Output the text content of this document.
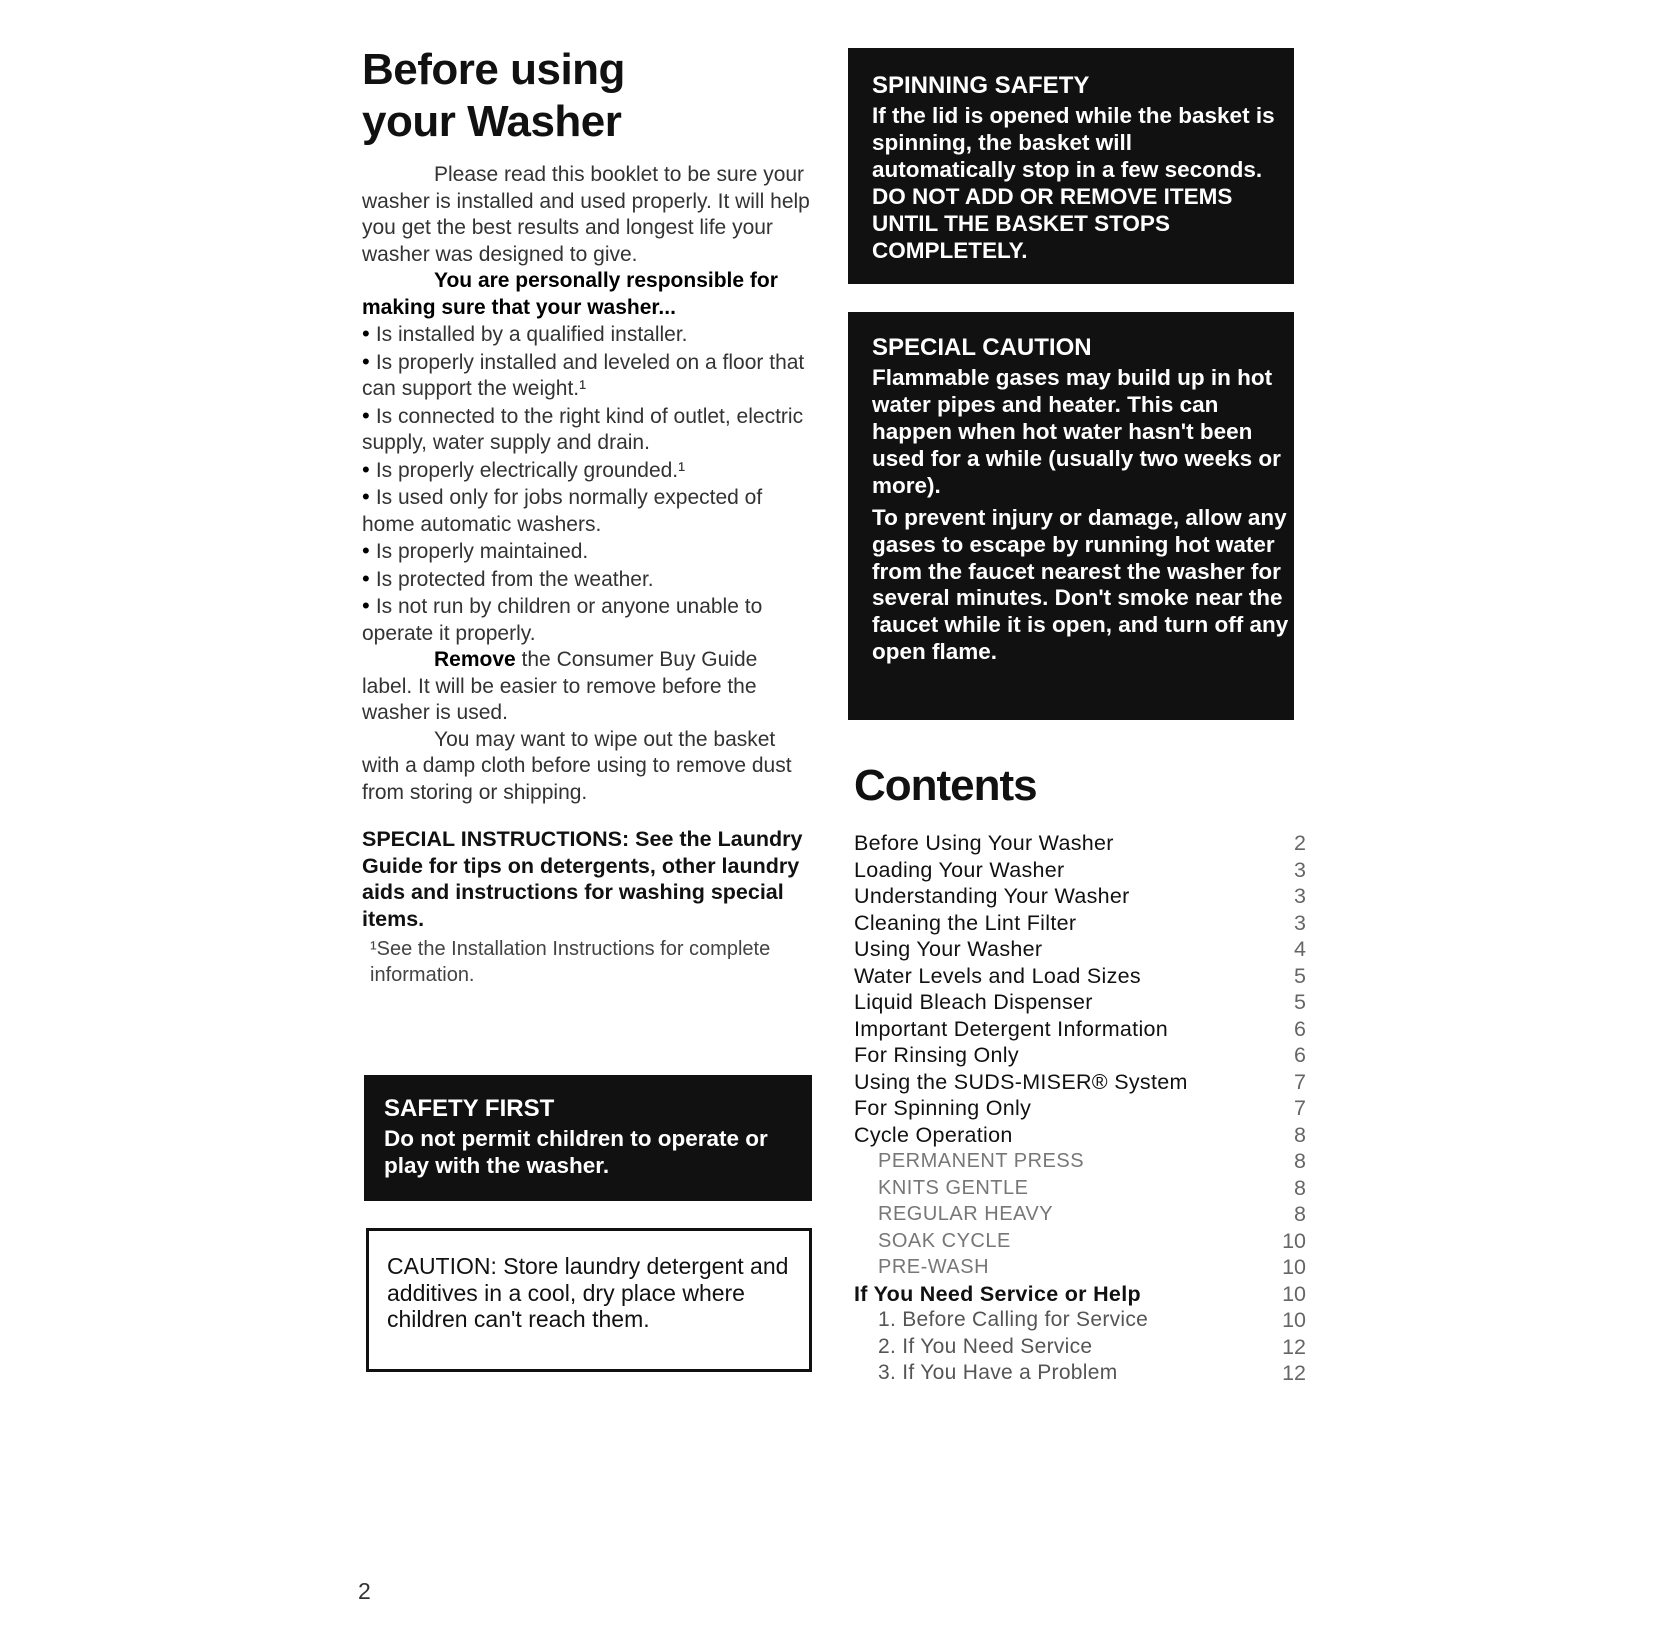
Before using
your Washer

Please read this booklet to be sure your washer is installed and used properly. It will help you get the best results and longest life your washer was designed to give.

You are personally responsible for making sure that your washer...

• Is installed by a qualified installer.
• Is properly installed and leveled on a floor that can support the weight.¹
• Is connected to the right kind of outlet, electric supply, water supply and drain.
• Is properly electrically grounded.¹
• Is used only for jobs normally expected of home automatic washers.
• Is properly maintained.
• Is protected from the weather.
• Is not run by children or anyone unable to operate it properly.

Remove the Consumer Buy Guide label. It will be easier to remove before the washer is used.

You may want to wipe out the basket with a damp cloth before using to remove dust from storing or shipping.

SPECIAL INSTRUCTIONS: See the Laundry Guide for tips on detergents, other laundry aids and instructions for washing special items.

¹See the Installation Instructions for complete information.

SAFETY FIRST
Do not permit children to operate or play with the washer.
CAUTION: Store laundry detergent and additives in a cool, dry place where children can't reach them.
SPINNING SAFETY
If the lid is opened while the basket is spinning, the basket will automatically stop in a few seconds. DO NOT ADD OR REMOVE ITEMS UNTIL THE BASKET STOPS COMPLETELY.
SPECIAL CAUTION
Flammable gases may build up in hot water pipes and heater. This can happen when hot water hasn't been used for a while (usually two weeks or more).
To prevent injury or damage, allow any gases to escape by running hot water from the faucet nearest the washer for several minutes. Don't smoke near the faucet while it is open, and turn off any open flame.
Contents
Before Using Your Washer	2
Loading Your Washer	3
Understanding Your Washer	3
Cleaning the Lint Filter	3
Using Your Washer	4
Water Levels and Load Sizes	5
Liquid Bleach Dispenser	5
Important Detergent Information	6
For Rinsing Only	6
Using the SUDS-MISER® System	7
For Spinning Only	7
Cycle Operation	8
PERMANENT PRESS	8
KNITS GENTLE	8
REGULAR HEAVY	8
SOAK CYCLE	10
PRE-WASH	10
If You Need Service or Help	10
1. Before Calling for Service	10
2. If You Need Service	12
3. If You Have a Problem	12
2
